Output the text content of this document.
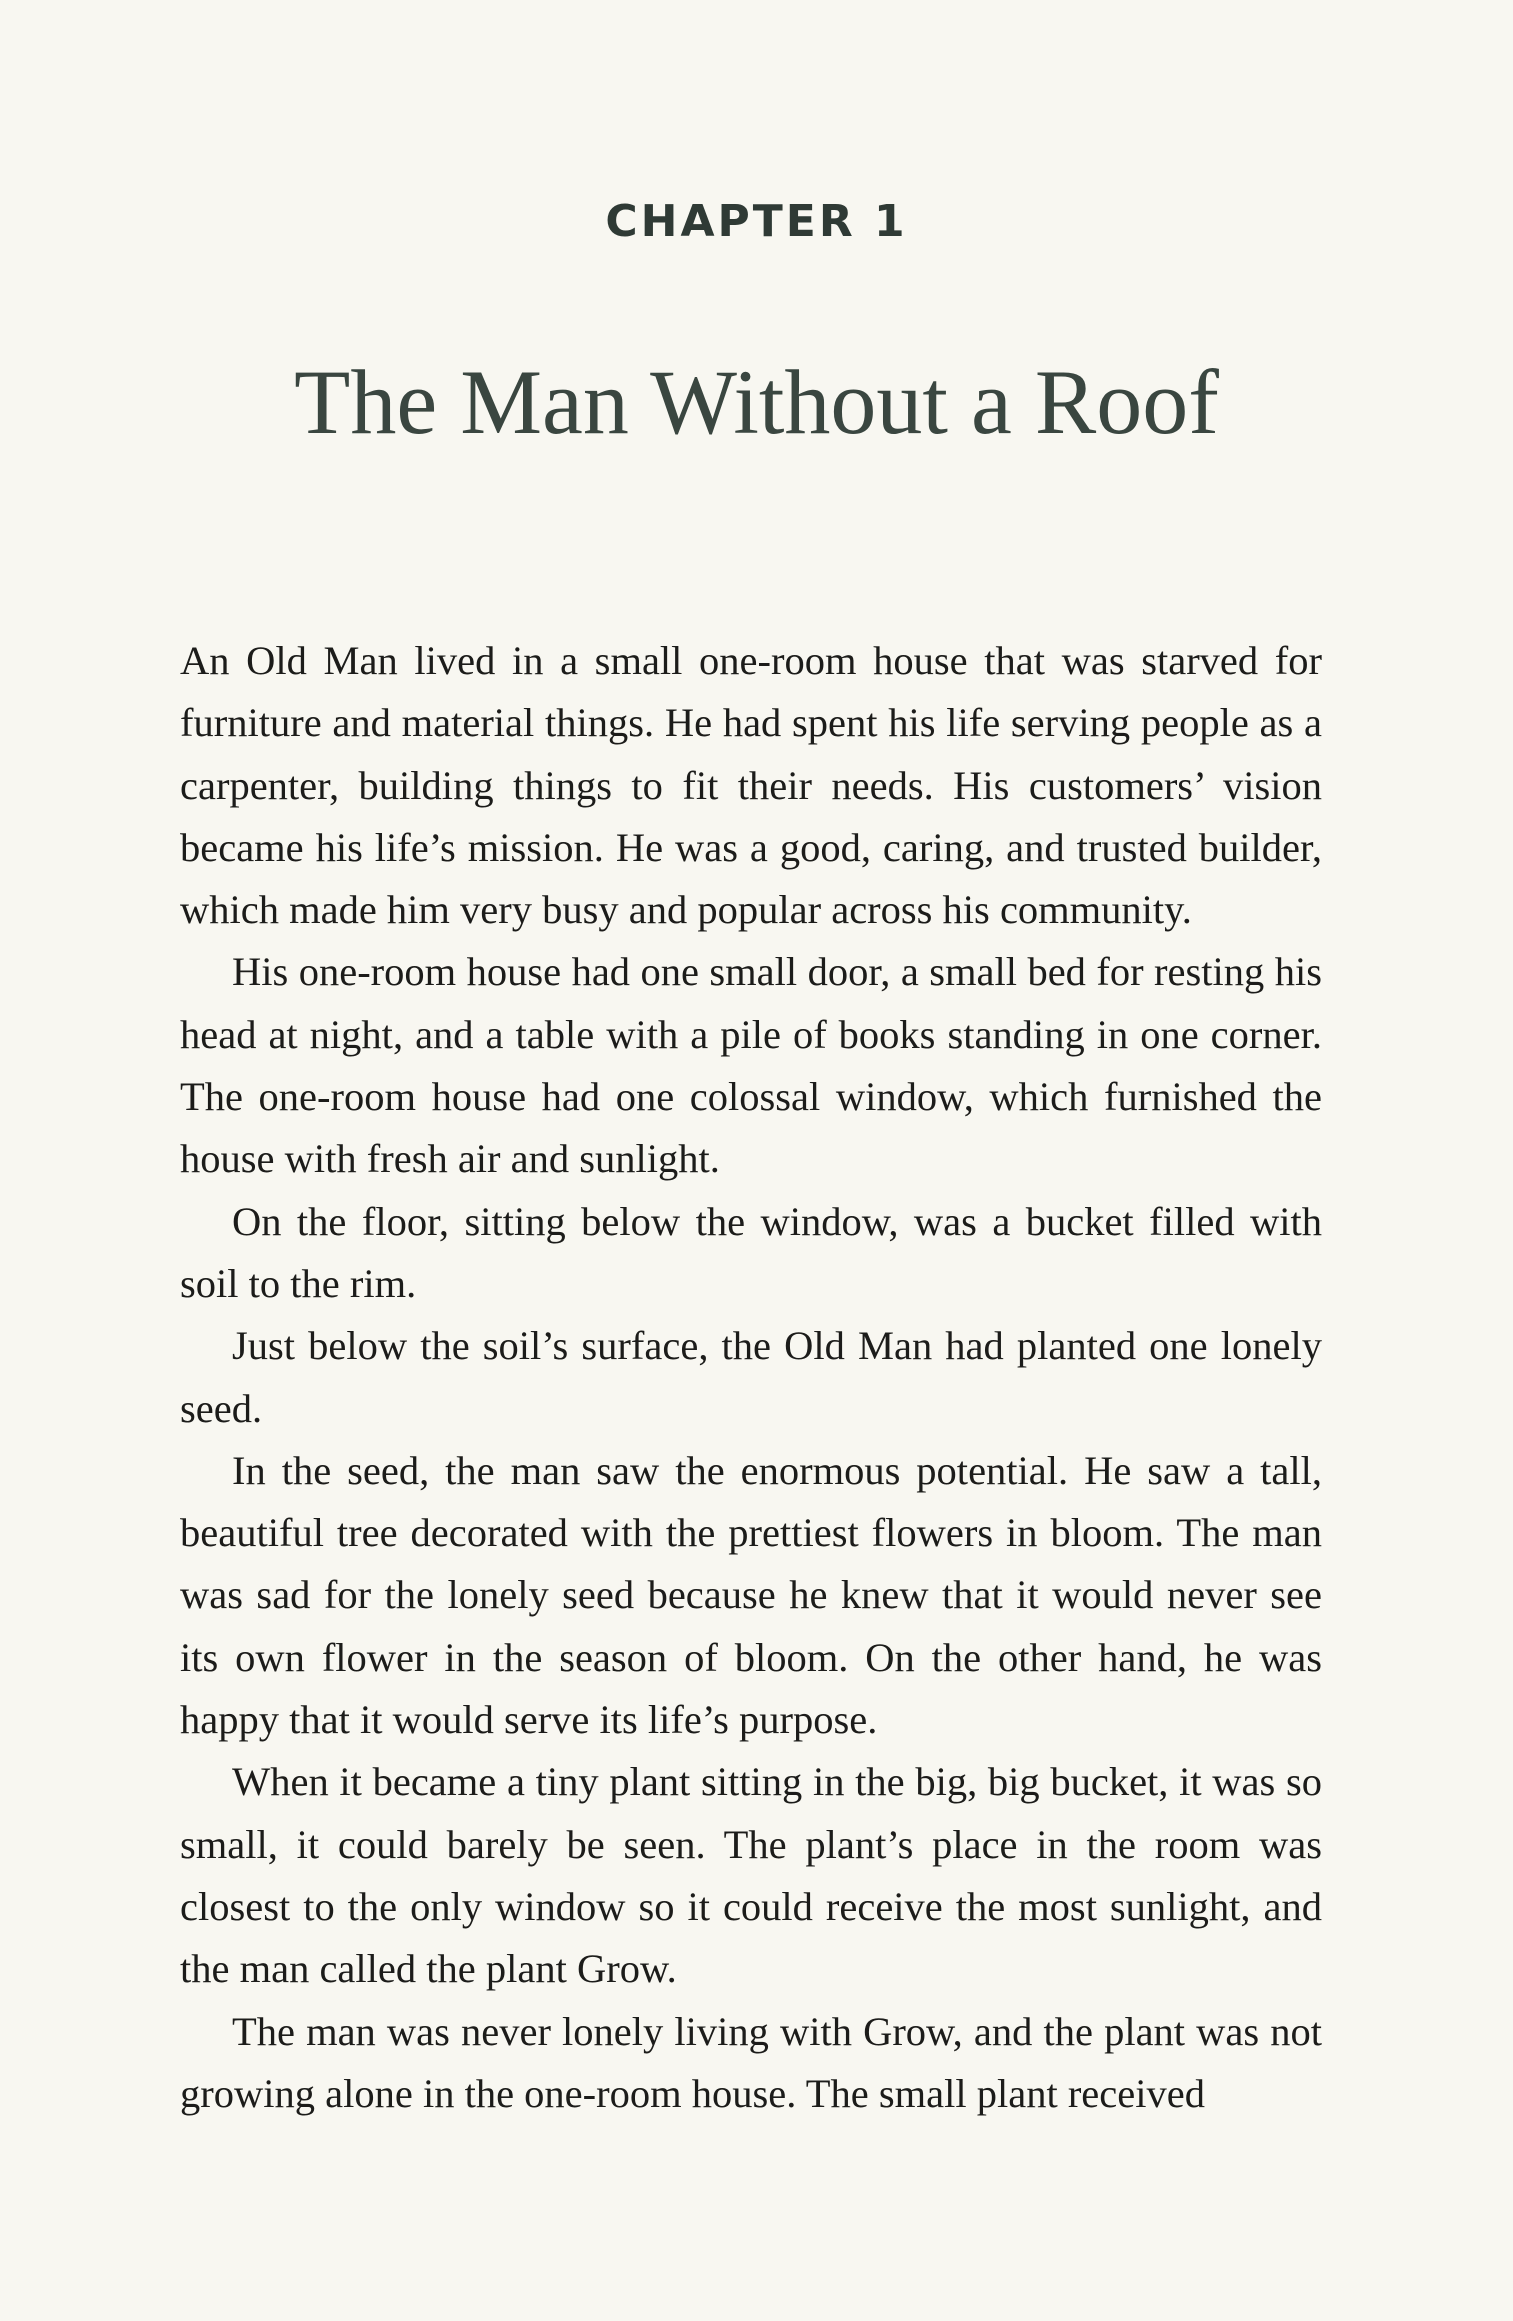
CHAPTER 1
The Man Without a Roof

An Old Man lived in a small one-room house that was starved for furniture and material things. He had spent his life serving people as a carpenter, building things to fit their needs. His customers’ vision became his life’s mission. He was a good, caring, and trusted builder, which made him very busy and popular across his community.

His one-room house had one small door, a small bed for resting his head at night, and a table with a pile of books standing in one corner. The one-room house had one colossal window, which furnished the house with fresh air and sunlight.

On the floor, sitting below the window, was a bucket filled with soil to the rim.

Just below the soil’s surface, the Old Man had planted one lonely seed.

In the seed, the man saw the enormous potential. He saw a tall, beautiful tree decorated with the prettiest flowers in bloom. The man was sad for the lonely seed because he knew that it would never see its own flower in the season of bloom. On the other hand, he was happy that it would serve its life’s purpose.

When it became a tiny plant sitting in the big, big bucket, it was so small, it could barely be seen. The plant’s place in the room was closest to the only window so it could receive the most sunlight, and the man called the plant Grow.

The man was never lonely living with Grow, and the plant was not growing alone in the one-room house. The small plant received
